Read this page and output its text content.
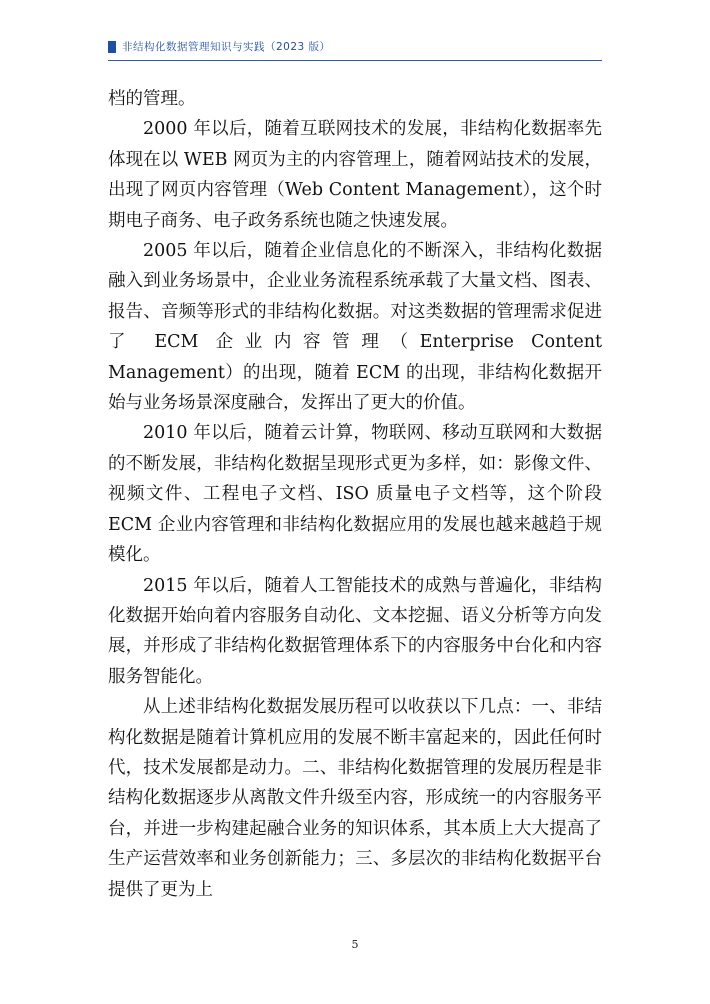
非结构化数据管理知识与实践（2023 版）

档的管理。

2000 年以后，随着互联网技术的发展，非结构化数据率先体现在以 WEB 网页为主的内容管理上，随着网站技术的发展，出现了网页内容管理（Web Content Management），这个时期电子商务、电子政务系统也随之快速发展。

2005 年以后，随着企业信息化的不断深入，非结构化数据融入到业务场景中，企业业务流程系统承载了大量文档、图表、报告、音频等形式的非结构化数据。对这类数据的管理需求促进了 ECM 企业内容管理（Enterprise Content Management）的出现，随着 ECM 的出现，非结构化数据开始与业务场景深度融合，发挥出了更大的价值。

2010 年以后，随着云计算，物联网、移动互联网和大数据的不断发展，非结构化数据呈现形式更为多样，如：影像文件、视频文件、工程电子文档、ISO 质量电子文档等，这个阶段 ECM 企业内容管理和非结构化数据应用的发展也越来越趋于规模化。

2015 年以后，随着人工智能技术的成熟与普遍化，非结构化数据开始向着内容服务自动化、文本挖掘、语义分析等方向发展，并形成了非结构化数据管理体系下的内容服务中台化和内容服务智能化。

从上述非结构化数据发展历程可以收获以下几点：一、非结构化数据是随着计算机应用的发展不断丰富起来的，因此任何时代，技术发展都是动力。二、非结构化数据管理的发展历程是非结构化数据逐步从离散文件升级至内容，形成统一的内容服务平台，并进一步构建起融合业务的知识体系，其本质上大大提高了生产运营效率和业务创新能力；三、多层次的非结构化数据平台提供了更为上

5
